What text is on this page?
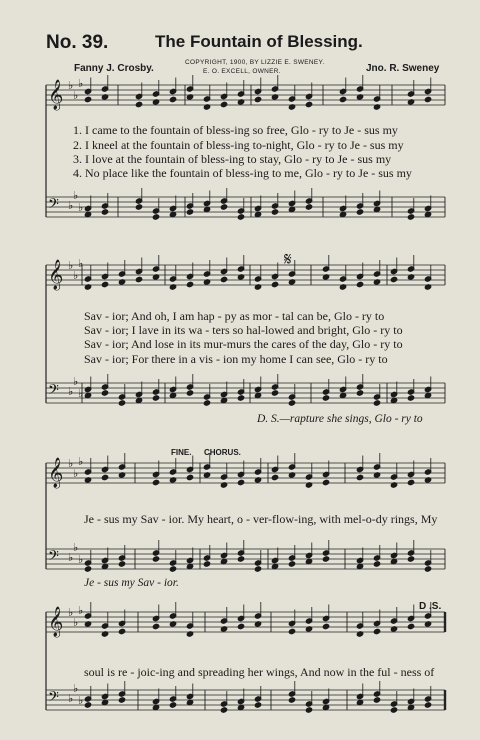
No. 39.	The Fountain of Blessing.
Fanny J. Crosby.
COPYRIGHT, 1900, BY LIZZIE E. SWENEY.
E. O. EXCELL, OWNER.	Jno. R. Sweney
𝄞 ♭
♭
♭
𝄢 ♭
♭
♭
𝄞 ♭
♭
♭
𝄢 ♭
♭
♭
𝄞 ♭
♭
♭
𝄢 ♭
♭
♭
𝄞 ♭
♭
♭
𝄢 ♭
♭
♭
1. I came to the fountain of bless-ing so free, Glo - ry to Je - sus my
2. I kneel at the fountain of bless-ing to-night, Glo - ry to Je - sus my
3. I love at the fountain of bless-ing to stay, Glo - ry to Je - sus my
4. No place like the fountain of bless-ing to me, Glo - ry to Je - sus my
𝄋
Sav - ior; And oh, I am hap - py as mor - tal can be, Glo - ry to
Sav - ior; I lave in its wa - ters so hal-lowed and bright, Glo - ry to
Sav - ior; And lose in its mur-murs the cares of the day, Glo - ry to
Sav - ior; For there in a vis - ion my home I can see, Glo - ry to
D. S.—rapture she sings, Glo - ry to
FINE. CHORUS.
Je - sus my Sav - ior. My heart, o - ver-flow-ing, with mel-o-dy rings, My
Je - sus my Sav - ior.
D .S.
soul is re - joic-ing and spreading her wings, And now in the ful - ness of
